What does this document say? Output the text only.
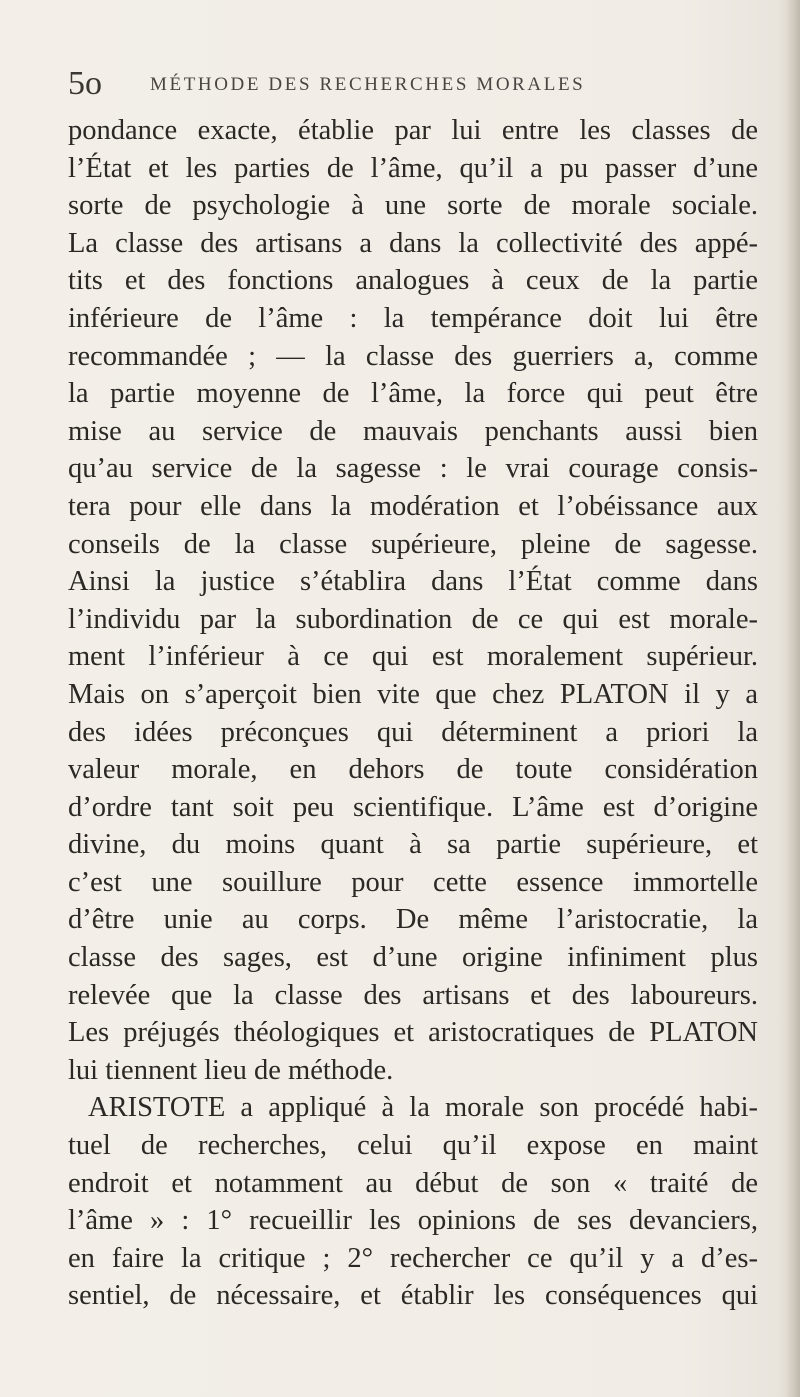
5o	MÉTHODE DES RECHERCHES MORALES
pondance exacte, établie par lui entre les classes de
l’État et les parties de l’âme, qu’il a pu passer d’une
sorte de psychologie à une sorte de morale sociale.
La classe des artisans a dans la collectivité des appé-
tits et des fonctions analogues à ceux de la partie
inférieure de l’âme : la tempérance doit lui être
recommandée ; — la classe des guerriers a, comme
la partie moyenne de l’âme, la force qui peut être
mise au service de mauvais penchants aussi bien
qu’au service de la sagesse : le vrai courage consis-
tera pour elle dans la modération et l’obéissance aux
conseils de la classe supérieure, pleine de sagesse.
Ainsi la justice s’établira dans l’État comme dans
l’individu par la subordination de ce qui est morale-
ment l’inférieur à ce qui est moralement supérieur.
Mais on s’aperçoit bien vite que chez PLATON il y a
des idées préconçues qui déterminent a priori la
valeur morale, en dehors de toute considération
d’ordre tant soit peu scientifique. L’âme est d’origine
divine, du moins quant à sa partie supérieure, et
c’est une souillure pour cette essence immortelle
d’être unie au corps. De même l’aristocratie, la
classe des sages, est d’une origine infiniment plus
relevée que la classe des artisans et des laboureurs.
Les préjugés théologiques et aristocratiques de PLATON
lui tiennent lieu de méthode.
ARISTOTE a appliqué à la morale son procédé habi-
tuel de recherches, celui qu’il expose en maint
endroit et notamment au début de son « traité de
l’âme » : 1° recueillir les opinions de ses devanciers,
en faire la critique ; 2° rechercher ce qu’il y a d’es-
sentiel, de nécessaire, et établir les conséquences qui
